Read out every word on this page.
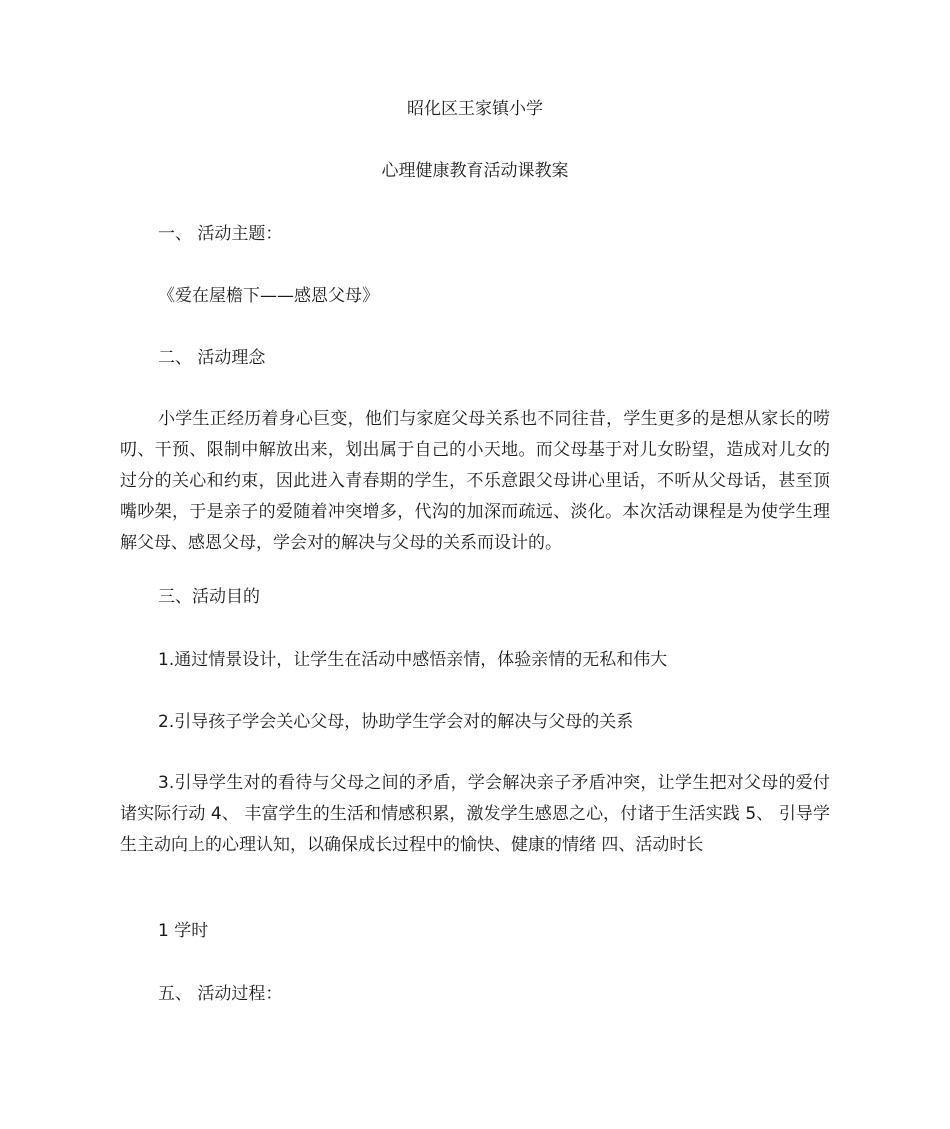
昭化区王家镇小学
心理健康教育活动课教案
一、 活动主题：
《爱在屋檐下——感恩父母》
二、 活动理念
小学生正经历着身心巨变，他们与家庭父母关系也不同往昔，学生更多的是想从家长的唠叨、干预、限制中解放出来，划出属于自己的小天地。而父母基于对儿女盼望，造成对儿女的过分的关心和约束，因此进入青春期的学生，不乐意跟父母讲心里话，不听从父母话，甚至顶嘴吵架，于是亲子的爱随着冲突增多，代沟的加深而疏远、淡化。本次活动课程是为使学生理解父母、感恩父母，学会对的解决与父母的关系而设计的。
三、活动目的
1.通过情景设计，让学生在活动中感悟亲情，体验亲情的无私和伟大
2.引导孩子学会关心父母，协助学生学会对的解决与父母的关系
3.引导学生对的看待与父母之间的矛盾，学会解决亲子矛盾冲突，让学生把对父母的爱付诸实际行动 4、 丰富学生的生活和情感积累，激发学生感恩之心，付诸于生活实践 5、 引导学生主动向上的心理认知，以确保成长过程中的愉快、健康的情绪 四、活动时长
1 学时
五、 活动过程：
